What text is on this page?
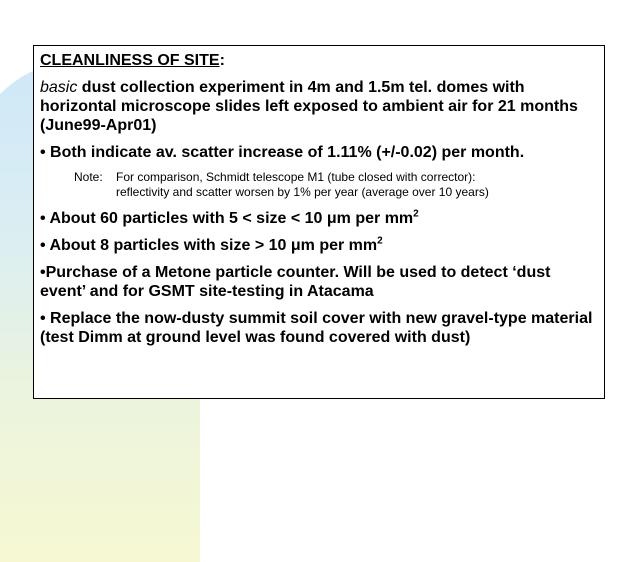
CLEANLINESS OF SITE:
basic dust collection experiment in 4m and 1.5m tel. domes with horizontal microscope slides left exposed to ambient air for 21 months (June99-Apr01)
• Both indicate av. scatter increase of 1.11% (+/-0.02) per month.
Note:	For comparison, Schmidt telescope M1 (tube closed with corrector):
reflectivity and scatter worsen by 1% per year (average over 10 years)
• About 60 particles with 5 < size < 10 μm per $mm^2$
• About 8 particles with size > 10 μm per $mm^2$
•Purchase of a Metone particle counter. Will be used to detect ‘dust event’ and for GSMT site-testing in Atacama
• Replace the now-dusty summit soil cover with new gravel-type material (test Dimm at ground level was found covered with dust)
